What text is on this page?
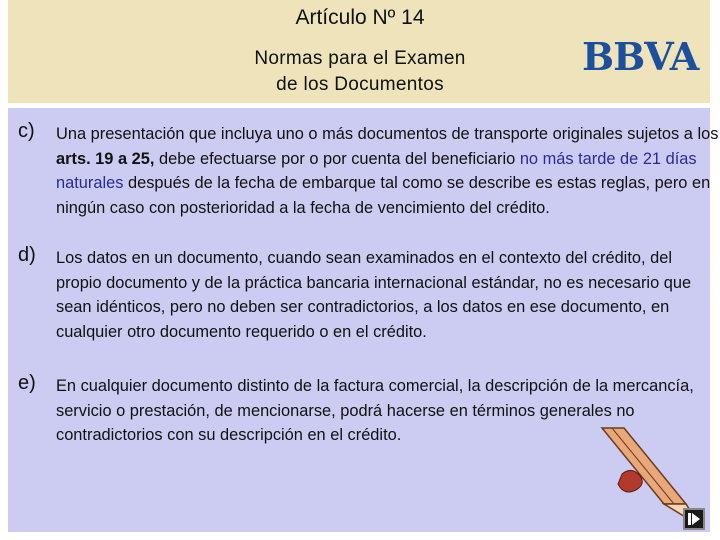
Artículo Nº 14
Normas para el Examen
de los Documentos
BBVA
c) Una presentación que incluya uno o más documentos de transporte originales sujetos a los arts. 19 a 25, debe efectuarse por o por cuenta del beneficiario no más tarde de 21 días naturales después de la fecha de embarque tal como se describe es estas reglas, pero en ningún caso con posterioridad a la fecha de vencimiento del crédito.
d) Los datos en un documento, cuando sean examinados en el contexto del crédito, del propio documento y de la práctica bancaria internacional estándar, no es necesario que sean idénticos, pero no deben ser contradictorios, a los datos en ese documento, en cualquier otro documento requerido o en el crédito.
e) En cualquier documento distinto de la factura comercial, la descripción de la mercancía, servicio o prestación, de mencionarse, podrá hacerse en términos generales no contradictorios con su descripción en el crédito.
